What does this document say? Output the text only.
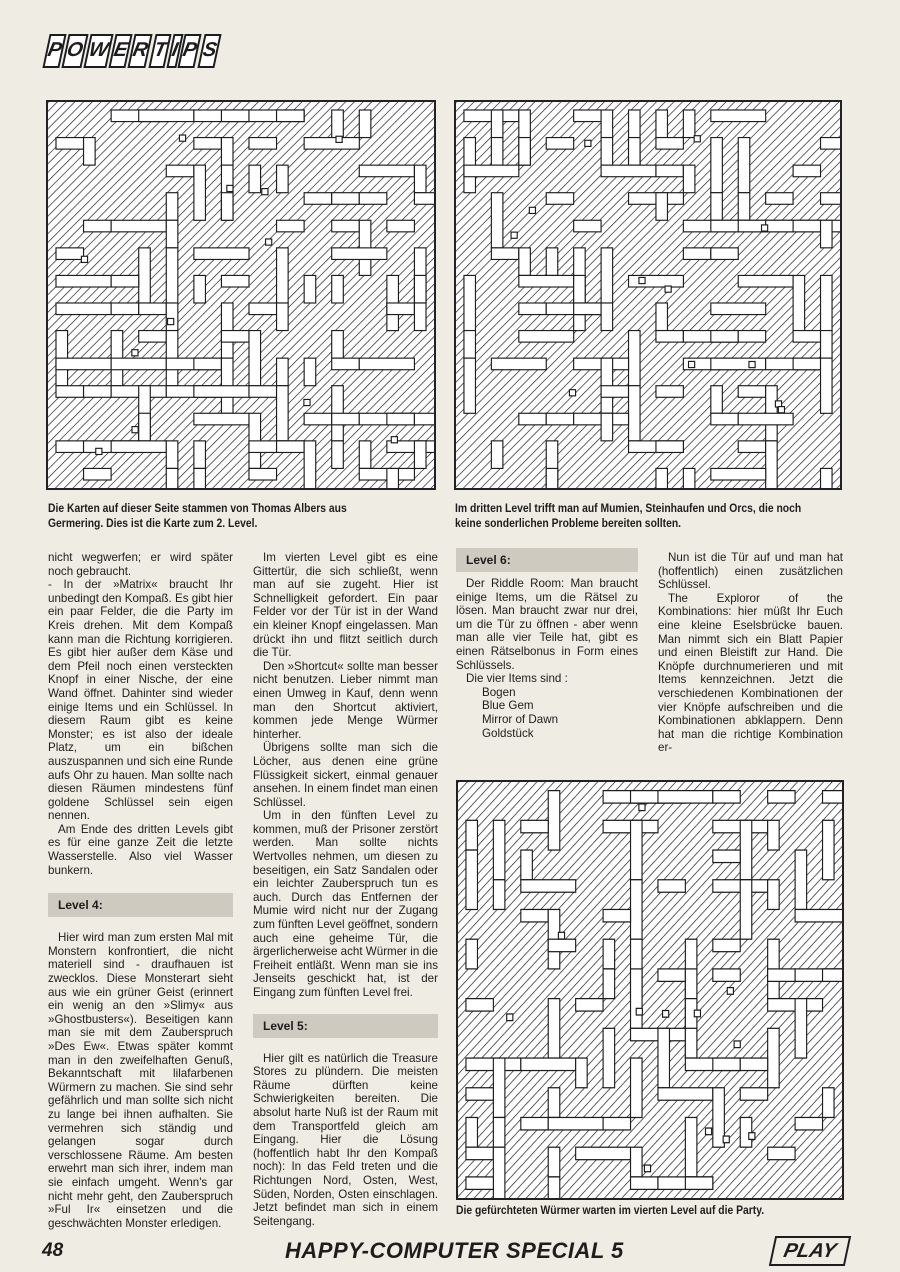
P O W E R T I P S
Die Karten auf dieser Seite stammen von Thomas Albers aus Germering. Dies ist die Karte zum 2. Level.
Im dritten Level trifft man auf Mumien, Steinhaufen und Orcs, die noch keine sonderlichen Probleme bereiten sollten.
Die gefürchteten Würmer warten im vierten Level auf die Party.

nicht wegwerfen; er wird später noch gebraucht.

- In der »Matrix« braucht Ihr unbedingt den Kompaß. Es gibt hier ein paar Felder, die die Party im Kreis drehen. Mit dem Kompaß kann man die Richtung korrigieren. Es gibt hier außer dem Käse und dem Pfeil noch einen versteckten Knopf in einer Nische, der eine Wand öffnet. Dahinter sind wieder einige Items und ein Schlüssel. In diesem Raum gibt es keine Monster; es ist also der ideale Platz, um ein bißchen auszuspannen und sich eine Runde aufs Ohr zu hauen. Man sollte nach diesen Räumen mindestens fünf goldene Schlüssel sein eigen nennen.

Am Ende des dritten Levels gibt es für eine ganze Zeit die letzte Wasserstelle. Also viel Wasser bunkern.

Level 4:

Hier wird man zum ersten Mal mit Monstern konfrontiert, die nicht materiell sind - draufhauen ist zwecklos. Diese Monsterart sieht aus wie ein grüner Geist (erinnert ein wenig an den »Slimy« aus »Ghostbusters«). Beseitigen kann man sie mit dem Zauberspruch »Des Ew«. Etwas später kommt man in den zweifelhaften Genuß, Bekanntschaft mit lilafarbenen Würmern zu machen. Sie sind sehr gefährlich und man sollte sich nicht zu lange bei ihnen aufhalten. Sie vermehren sich ständig und gelangen sogar durch verschlossene Räume. Am besten erwehrt man sich ihrer, indem man sie einfach umgeht. Wenn's gar nicht mehr geht, den Zauberspruch »Ful Ir« einsetzen und die geschwächten Monster erledigen.

Im vierten Level gibt es eine Gittertür, die sich schließt, wenn man auf sie zugeht. Hier ist Schnelligkeit gefordert. Ein paar Felder vor der Tür ist in der Wand ein kleiner Knopf eingelassen. Man drückt ihn und flitzt seitlich durch die Tür.

Den »Shortcut« sollte man besser nicht benutzen. Lieber nimmt man einen Umweg in Kauf, denn wenn man den Shortcut aktiviert, kommen jede Menge Würmer hinterher.

Übrigens sollte man sich die Löcher, aus denen eine grüne Flüssigkeit sickert, einmal genauer ansehen. In einem findet man einen Schlüssel.

Um in den fünften Level zu kommen, muß der Prisoner zerstört werden. Man sollte nichts Wertvolles nehmen, um diesen zu beseitigen, ein Satz Sandalen oder ein leichter Zauberspruch tun es auch. Durch das Entfernen der Mumie wird nicht nur der Zugang zum fünften Level geöffnet, sondern auch eine geheime Tür, die ärgerlicherweise acht Würmer in die Freiheit entläßt. Wenn man sie ins Jenseits geschickt hat, ist der Eingang zum fünften Level frei.

Level 5:

Hier gilt es natürlich die Treasure Stores zu plündern. Die meisten Räume dürften keine Schwierigkeiten bereiten. Die absolut harte Nuß ist der Raum mit dem Transportfeld gleich am Eingang. Hier die Lösung (hoffentlich habt Ihr den Kompaß noch): In das Feld treten und die Richtungen Nord, Osten, West, Süden, Norden, Osten einschlagen. Jetzt befindet man sich in einem Seitengang.

Level 6:

Der Riddle Room: Man braucht einige Items, um die Rätsel zu lösen. Man braucht zwar nur drei, um die Tür zu öffnen - aber wenn man alle vier Teile hat, gibt es einen Rätselbonus in Form eines Schlüssels.

Die vier Items sind :

Bogen
Blue Gem
Mirror of Dawn
Goldstück

Nun ist die Tür auf und man hat (hoffentlich) einen zusätzlichen Schlüssel.

The Exploror of the Kombinations: hier müßt Ihr Euch eine kleine Eselsbrücke bauen. Man nimmt sich ein Blatt Papier und einen Bleistift zur Hand. Die Knöpfe durchnumerieren und mit Items kennzeichnen. Jetzt die verschiedenen Kombinationen der vier Knöpfe aufschreiben und die Kombinationen abklappern. Denn hat man die richtige Kombination er-

48	HAPPY-COMPUTER SPECIAL 5	PLAY
